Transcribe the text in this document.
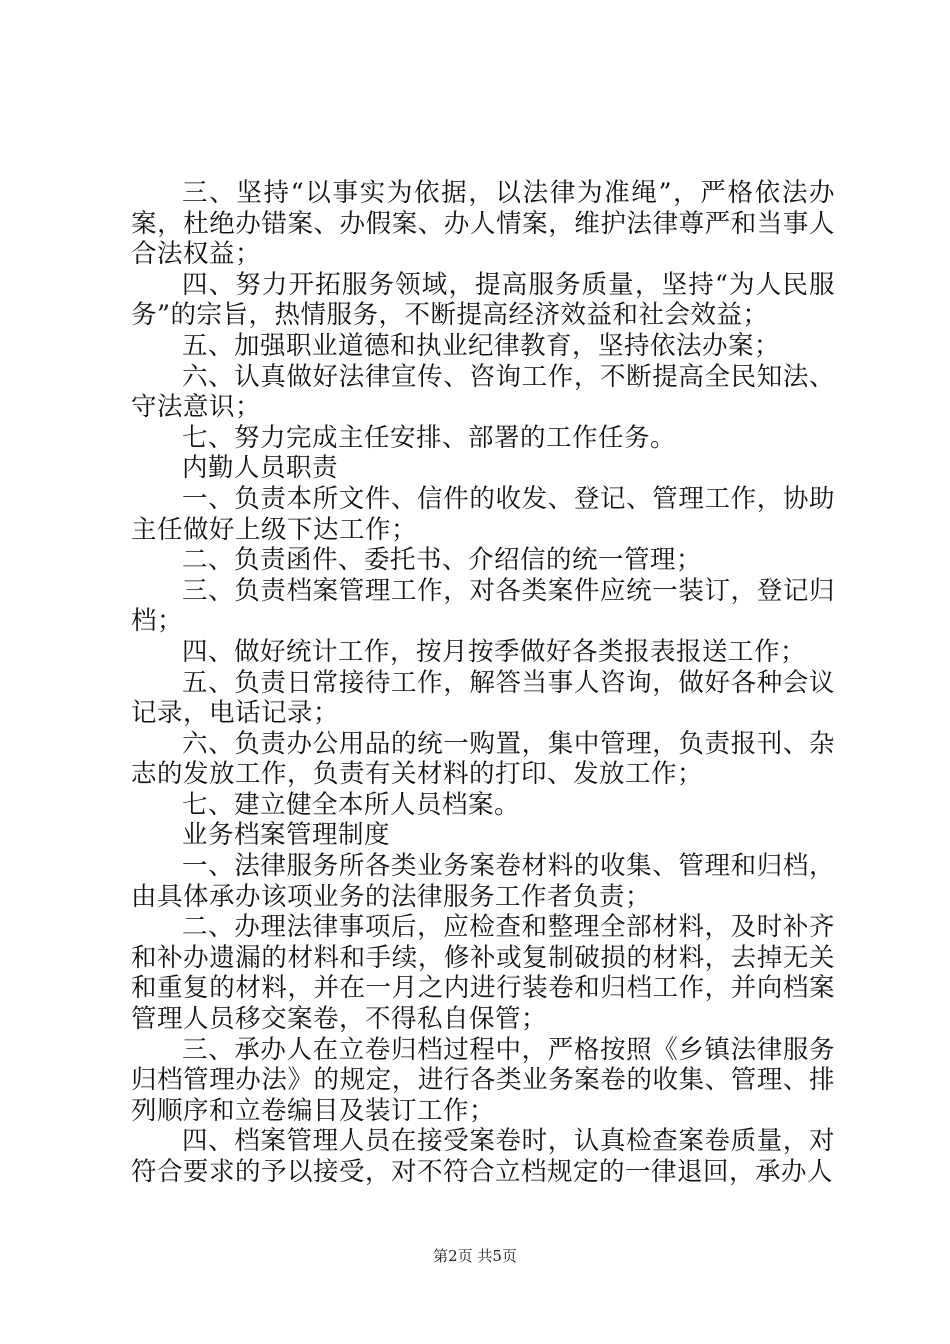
三、坚持“以事实为依据，以法律为准绳”，严格依法办案，杜绝办错案、办假案、办人情案，维护法律尊严和当事人合法权益；

四、努力开拓服务领域，提高服务质量，坚持“为人民服务”的宗旨，热情服务，不断提高经济效益和社会效益；

五、加强职业道德和执业纪律教育，坚持依法办案；

六、认真做好法律宣传、咨询工作，不断提高全民知法、守法意识；

七、努力完成主任安排、部署的工作任务。

内勤人员职责

一、负责本所文件、信件的收发、登记、管理工作，协助主任做好上级下达工作；

二、负责函件、委托书、介绍信的统一管理；

三、负责档案管理工作，对各类案件应统一装订，登记归档；

四、做好统计工作，按月按季做好各类报表报送工作；

五、负责日常接待工作，解答当事人咨询，做好各种会议记录，电话记录；

六、负责办公用品的统一购置，集中管理，负责报刊、杂志的发放工作，负责有关材料的打印、发放工作；

七、建立健全本所人员档案。

业务档案管理制度

一、法律服务所各类业务案卷材料的收集、管理和归档，由具体承办该项业务的法律服务工作者负责；

二、办理法律事项后，应检查和整理全部材料，及时补齐和补办遗漏的材料和手续，修补或复制破损的材料，去掉无关和重复的材料，并在一月之内进行装卷和归档工作，并向档案管理人员移交案卷，不得私自保管；

三、承办人在立卷归档过程中，严格按照《乡镇法律服务归档管理办法》的规定，进行各类业务案卷的收集、管理、排列顺序和立卷编目及装订工作；

四、档案管理人员在接受案卷时，认真检查案卷质量，对符合要求的予以接受，对不符合立档规定的一律退回，承办人

第2页 共5页
